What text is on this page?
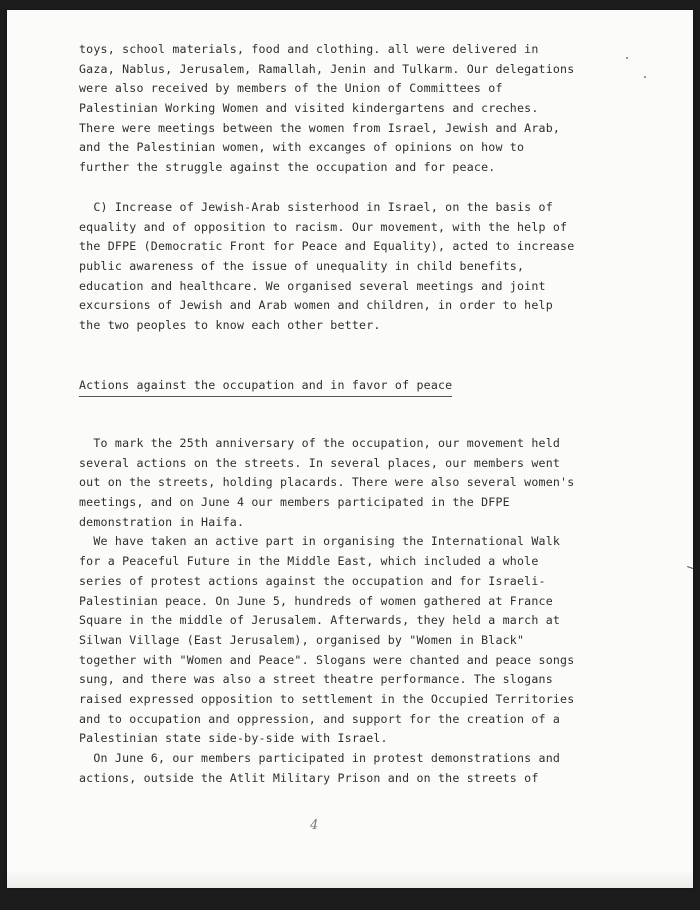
toys, school materials, food and clothing. all were delivered in
Gaza, Nablus, Jerusalem, Ramallah, Jenin and Tulkarm. Our delegations
were also received by members of the Union of Committees of
Palestinian Working Women and visited kindergartens and creches.
There were meetings between the women from Israel, Jewish and Arab,
and the Palestinian women, with excanges of opinions on how to
further the struggle against the occupation and for peace.
C) Increase of Jewish-Arab sisterhood in Israel, on the basis of
equality and of opposition to racism. Our movement, with the help of
the DFPE (Democratic Front for Peace and Equality), acted to increase
public awareness of the issue of unequality in child benefits,
education and healthcare. We organised several meetings and joint
excursions of Jewish and Arab women and children, in order to help
the two peoples to know each other better.
Actions against the occupation and in favor of peace
To mark the 25th anniversary of the occupation, our movement held
several actions on the streets. In several places, our members went
out on the streets, holding placards. There were also several women's
meetings, and on June 4 our members participated in the DFPE
demonstration in Haifa.
We have taken an active part in organising the International Walk
for a Peaceful Future in the Middle East, which included a whole
series of protest actions against the occupation and for Israeli-
Palestinian peace. On June 5, hundreds of women gathered at France
Square in the middle of Jerusalem. Afterwards, they held a march at
Silwan Village (East Jerusalem), organised by "Women in Black"
together with "Women and Peace". Slogans were chanted and peace songs
sung, and there was also a street theatre performance. The slogans
raised expressed opposition to settlement in the Occupied Territories
and to occupation and oppression, and support for the creation of a
Palestinian state side-by-side with Israel.
On June 6, our members participated in protest demonstrations and
actions, outside the Atlit Military Prison and on the streets of
4
